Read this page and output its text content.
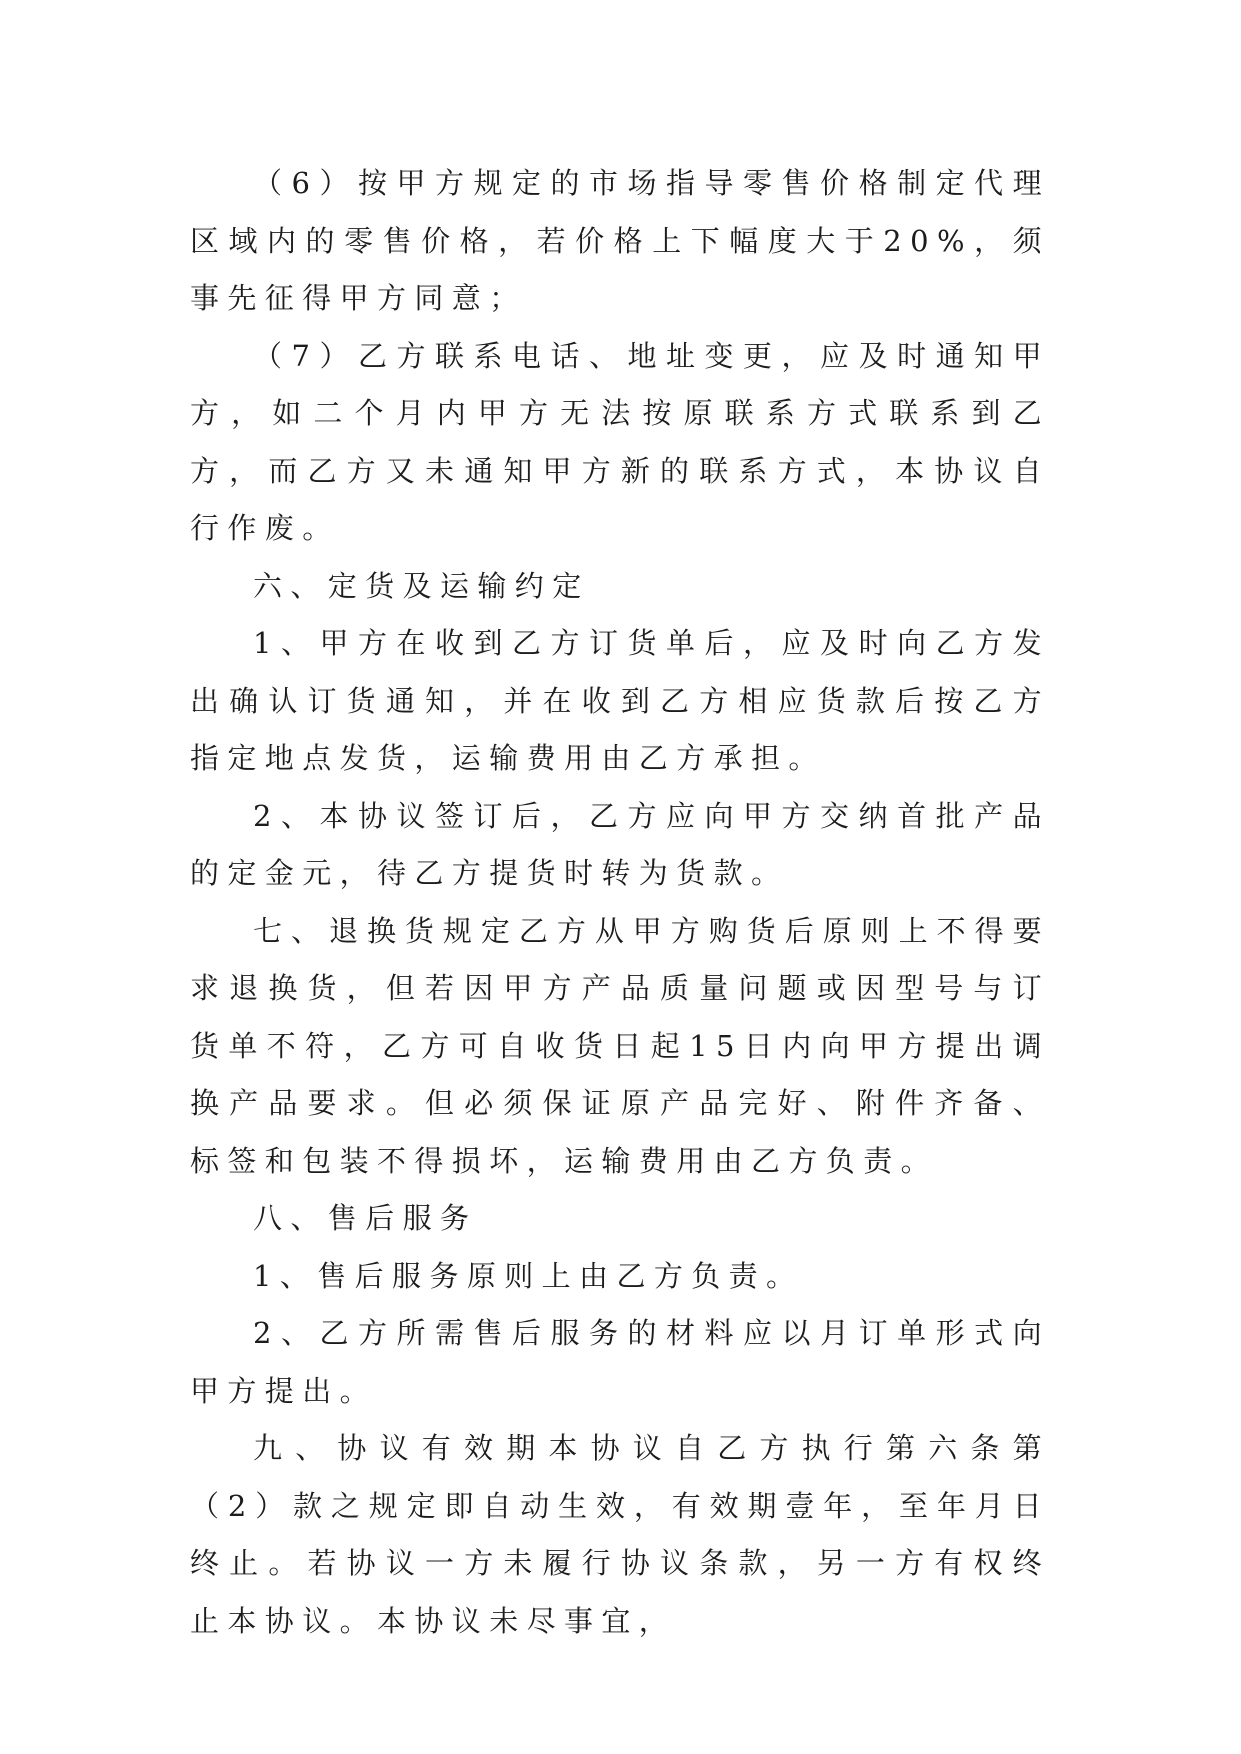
（6）按甲方规定的市场指导零售价格制定代理区域内的零售价格，若价格上下幅度大于20%，须事先征得甲方同意；

（7）乙方联系电话、地址变更，应及时通知甲方，如二个月内甲方无法按原联系方式联系到乙方，而乙方又未通知甲方新的联系方式，本协议自行作废。

六、定货及运输约定

1、甲方在收到乙方订货单后，应及时向乙方发出确认订货通知，并在收到乙方相应货款后按乙方指定地点发货，运输费用由乙方承担。

2、本协议签订后，乙方应向甲方交纳首批产品的定金元，待乙方提货时转为货款。

七、退换货规定乙方从甲方购货后原则上不得要求退换货，但若因甲方产品质量问题或因型号与订货单不符，乙方可自收货日起15日内向甲方提出调换产品要求。但必须保证原产品完好、附件齐备、标签和包装不得损坏，运输费用由乙方负责。

八、售后服务

1、售后服务原则上由乙方负责。

2、乙方所需售后服务的材料应以月订单形式向甲方提出。

九、协议有效期本协议自乙方执行第六条第（2）款之规定即自动生效，有效期壹年，至年月日终止。若协议一方未履行协议条款，另一方有权终止本协议。本协议未尽事宜，
